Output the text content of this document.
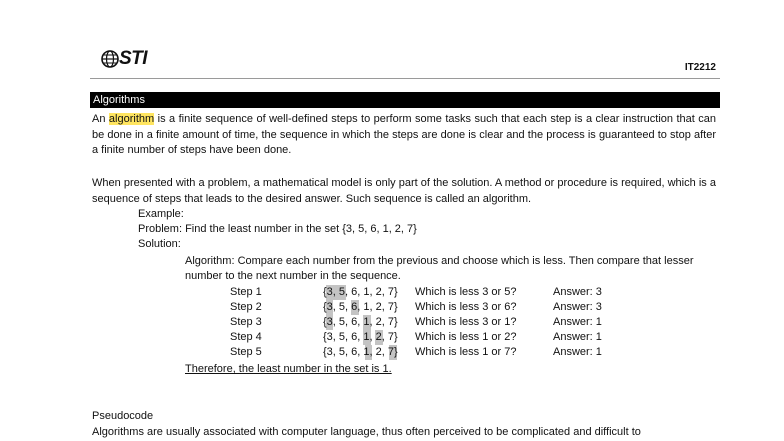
STI	IT2212
Algorithms
An algorithm is a finite sequence of well-defined steps to perform some tasks such that each step is a clear instruction that can be done in a finite amount of time, the sequence in which the steps are done is clear and the process is guaranteed to stop after a finite number of steps have been done.
When presented with a problem, a mathematical model is only part of the solution. A method or procedure is required, which is a sequence of steps that leads to the desired answer. Such sequence is called an algorithm.
Example:
Problem: Find the least number in the set {3, 5, 6, 1, 2, 7}
Solution:
Algorithm: Compare each number from the previous and choose which is less. Then compare that lesser
number to the next number in the sequence.
Step 1	{3, 5, 6, 1, 2, 7} Which is less 3 or 5?	Answer: 3
Step 2	{3, 5, 6, 1, 2, 7} Which is less 3 or 6?	Answer: 3
Step 3	{3, 5, 6, 1, 2, 7} Which is less 3 or 1?	Answer: 1
Step 4	{3, 5, 6, 1, 2, 7} Which is less 1 or 2?	Answer: 1
Step 5	{3, 5, 6, 1, 2, 7} Which is less 1 or 7?	Answer: 1
Therefore, the least number in the set is 1.
Pseudocode
Algorithms are usually associated with computer language, thus often perceived to be complicated and difficult to
